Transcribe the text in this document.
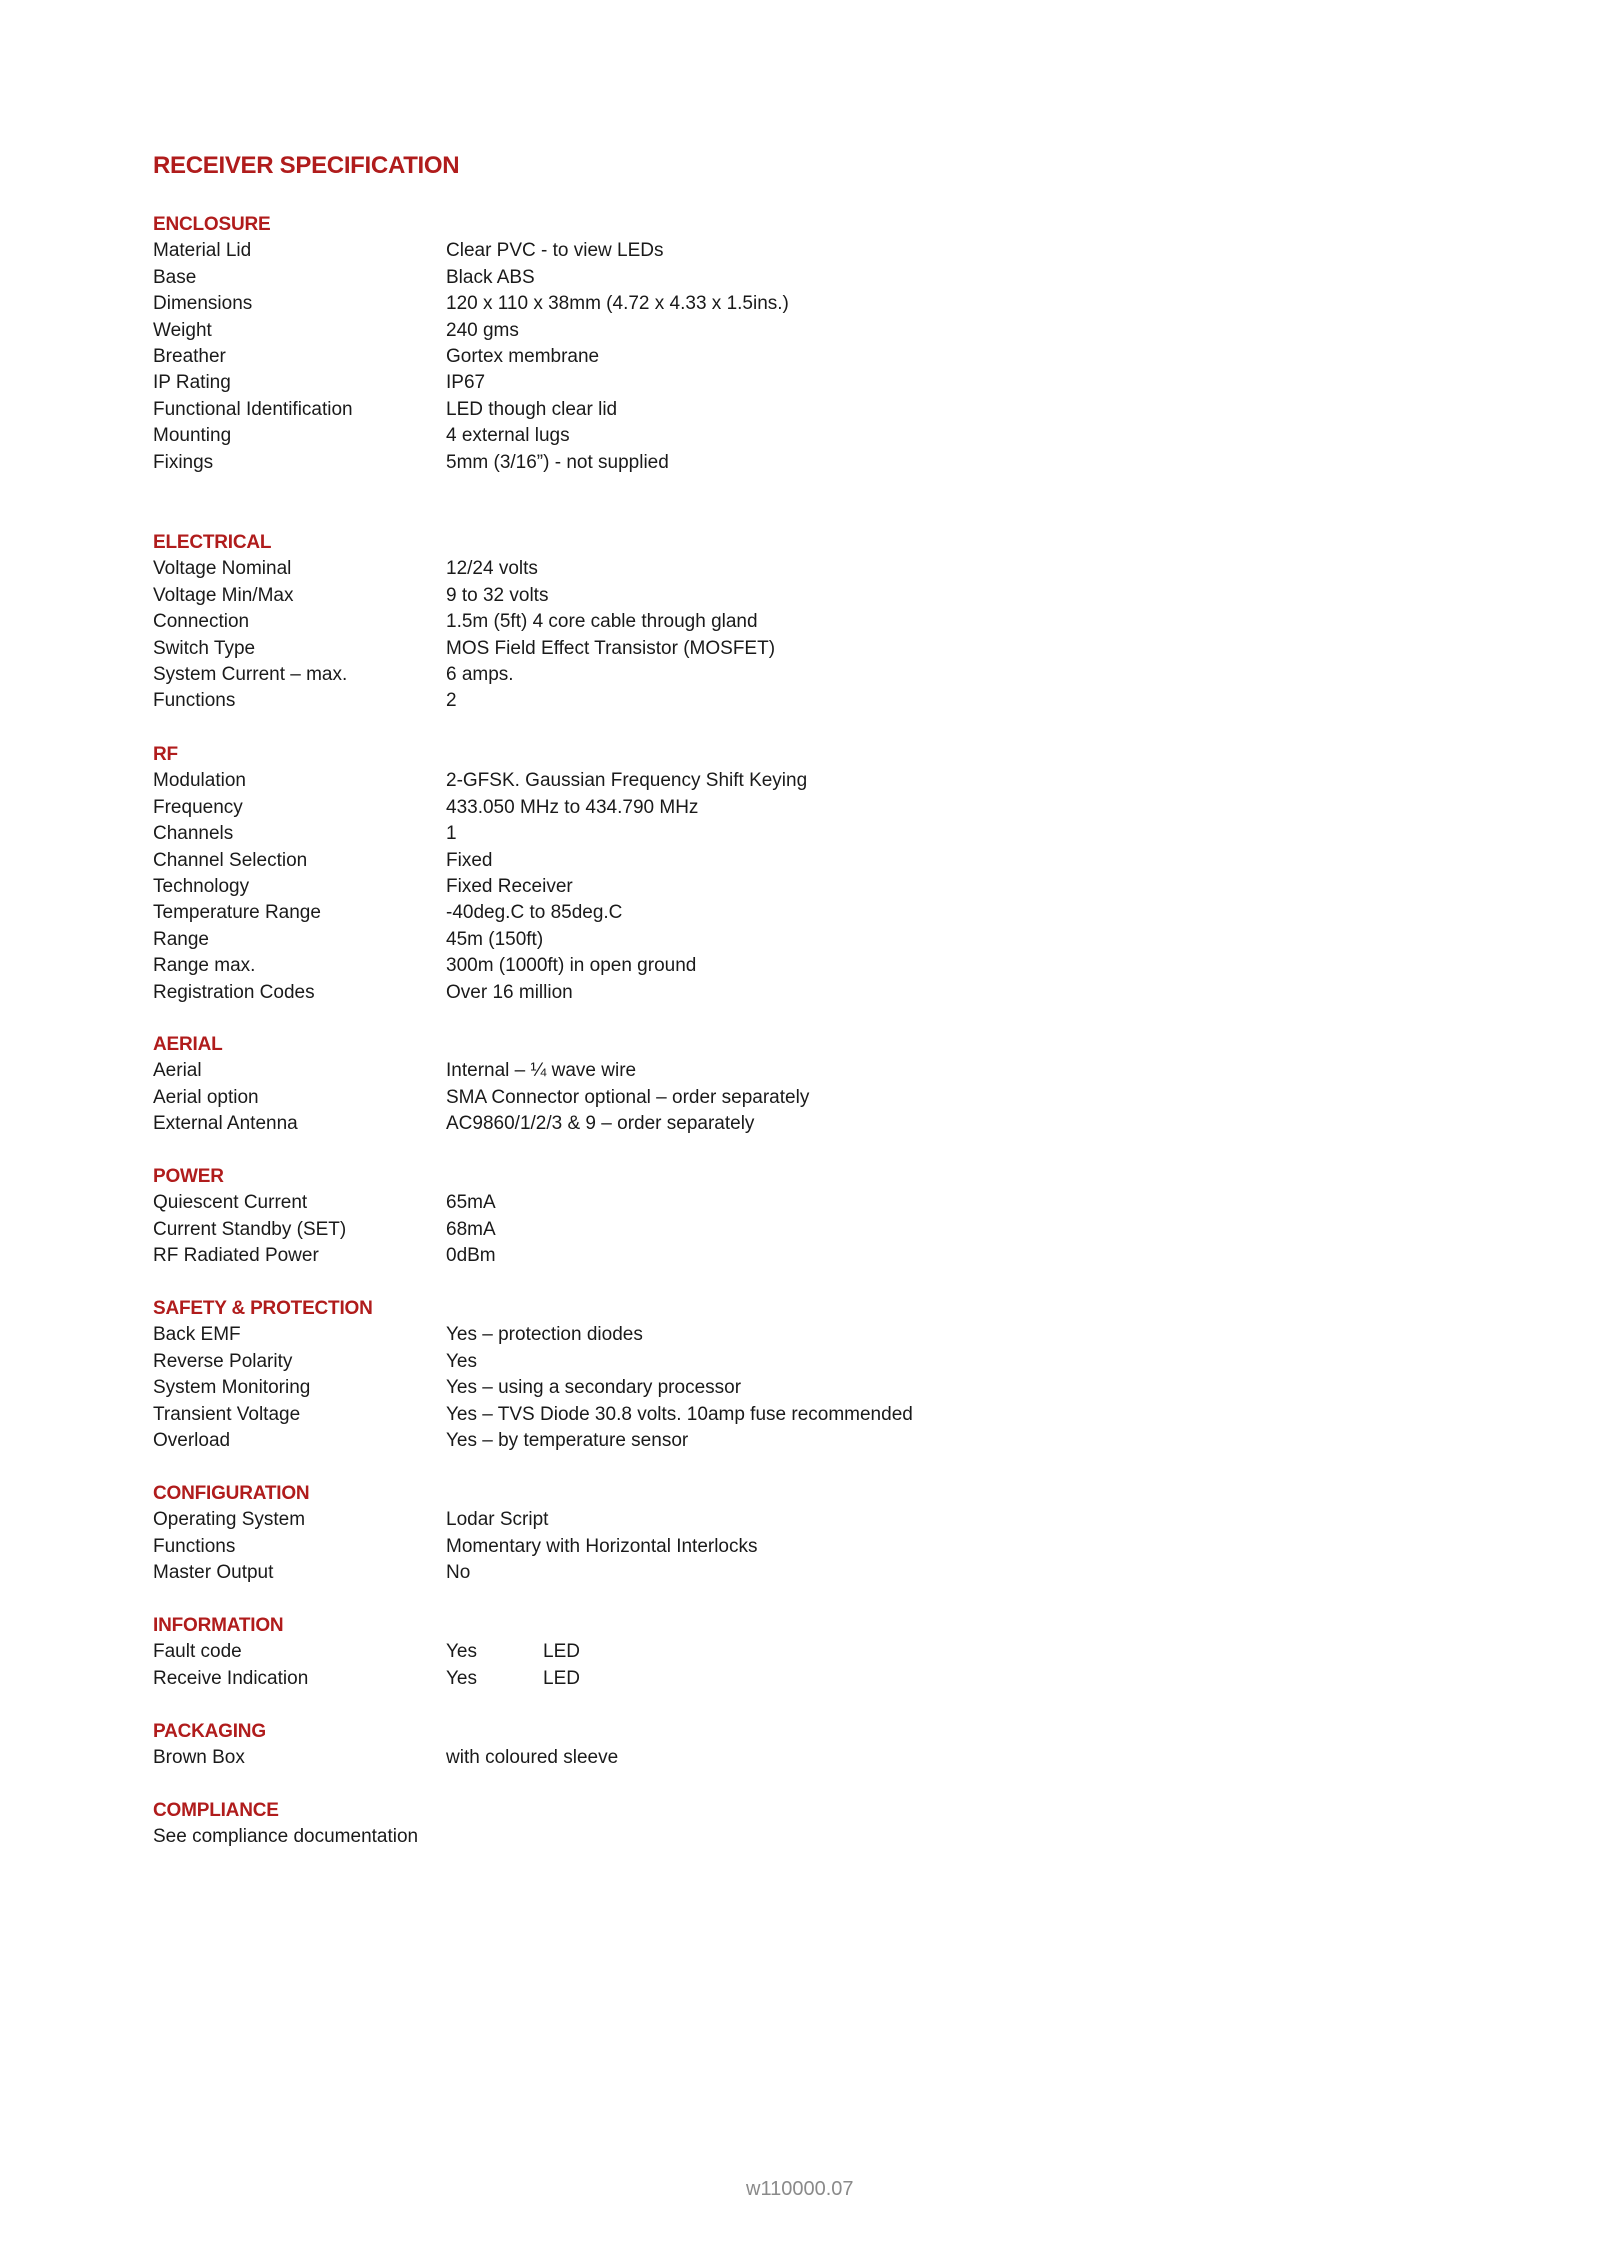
RECEIVER SPECIFICATION
ENCLOSURE
Material Lid	Clear PVC - to view LEDs
Base	Black ABS
Dimensions	120 x 110 x 38mm (4.72 x 4.33 x 1.5ins.)
Weight	240 gms
Breather	Gortex membrane
IP Rating	IP67
Functional Identification	LED though clear lid
Mounting	4 external lugs
Fixings	5mm (3/16”) - not supplied
ELECTRICAL
Voltage Nominal	12/24 volts
Voltage Min/Max	9 to 32 volts
Connection	1.5m (5ft) 4 core cable through gland
Switch Type	MOS Field Effect Transistor (MOSFET)
System Current – max.	6 amps.
Functions	2
RF
Modulation	2-GFSK. Gaussian Frequency Shift Keying
Frequency	433.050 MHz to 434.790 MHz
Channels	1
Channel Selection	Fixed
Technology	Fixed Receiver
Temperature Range	-40deg.C to 85deg.C
Range	45m (150ft)
Range max.	300m (1000ft) in open ground
Registration Codes	Over 16 million
AERIAL
Aerial	Internal – ¼ wave wire
Aerial option	SMA Connector optional – order separately
External Antenna	AC9860/1/2/3 & 9 – order separately
POWER
Quiescent Current	65mA
Current Standby (SET)	68mA
RF Radiated Power	0dBm
SAFETY & PROTECTION
Back EMF	Yes – protection diodes
Reverse Polarity	Yes
System Monitoring	Yes – using a secondary processor
Transient Voltage	Yes – TVS Diode 30.8 volts. 10amp fuse recommended
Overload	Yes – by temperature sensor
CONFIGURATION
Operating System	Lodar Script
Functions	Momentary with Horizontal Interlocks
Master Output	No
INFORMATION
Fault code	Yes	LED
Receive Indication	Yes	LED
PACKAGING
Brown Box	with coloured sleeve
COMPLIANCE
See compliance documentation
w110000.07
